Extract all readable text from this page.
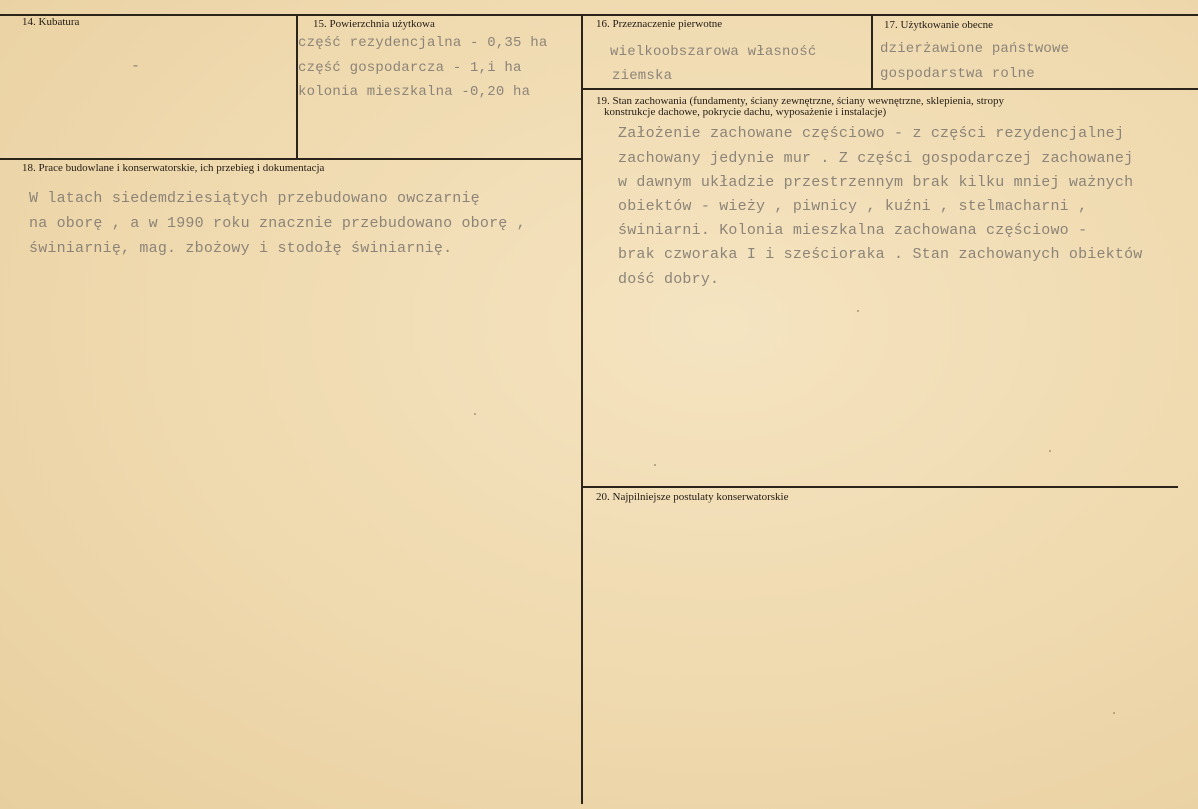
14. Kubatura
-
15. Powierzchnia użytkowa
część rezydencjalna - 0,35 ha
część gospodarcza - 1,i ha
kolonia mieszkalna -0,20 ha
16. Przeznaczenie pierwotne
wielkoobszarowa własność
ziemska
17. Użytkowanie obecne
dzierżawione państwowe
gospodarstwa rolne
18. Prace budowlane i konserwatorskie, ich przebieg i dokumentacja
W latach siedemdziesiątych przebudowano owczarnię
na oborę , a w 1990 roku znacznie przebudowano oborę ,
świniarnię, mag. zbożowy i stodołę świniarnię.
19. Stan zachowania (fundamenty, ściany zewnętrzne, ściany wewnętrzne, sklepienia, stropy
konstrukcje dachowe, pokrycie dachu, wyposażenie i instalacje)
Założenie zachowane częściowo - z części rezydencjalnej
zachowany jedynie mur . Z części gospodarczej zachowanej
w dawnym układzie przestrzennym brak kilku mniej ważnych
obiektów - wieży , piwnicy , kuźni , stelmacharni ,
świniarni. Kolonia mieszkalna zachowana częściowo -
brak czworaka I i sześcioraka . Stan zachowanych obiektów
dość dobry.
20. Najpilniejsze postulaty konserwatorskie
